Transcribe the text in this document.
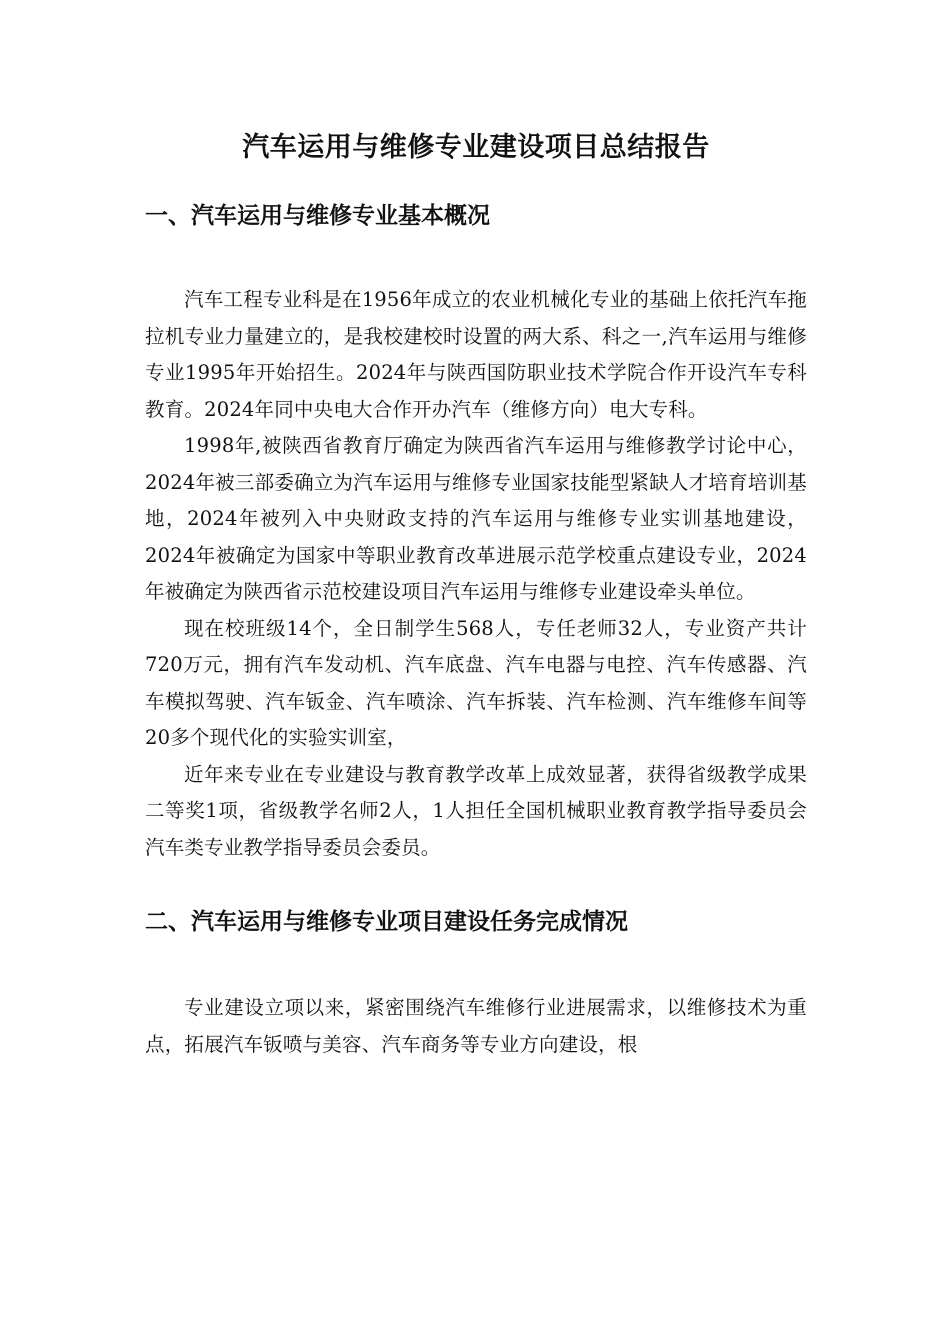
汽车运用与维修专业建设项目总结报告
一、汽车运用与维修专业基本概况

汽车工程专业科是在1956年成立的农业机械化专业的基础上依托汽车拖拉机专业力量建立的，是我校建校时设置的两大系、科之一,汽车运用与维修专业1995年开始招生。2024年与陕西国防职业技术学院合作开设汽车专科教育。2024年同中央电大合作开办汽车（维修方向）电大专科。

1998年,被陕西省教育厅确定为陕西省汽车运用与维修教学讨论中心，2024年被三部委确立为汽车运用与维修专业国家技能型紧缺人才培育培训基地，2024年被列入中央财政支持的汽车运用与维修专业实训基地建设，2024年被确定为国家中等职业教育改革进展示范学校重点建设专业，2024年被确定为陕西省示范校建设项目汽车运用与维修专业建设牵头单位。

现在校班级14个，全日制学生568人，专任老师32人，专业资产共计720万元，拥有汽车发动机、汽车底盘、汽车电器与电控、汽车传感器、汽车模拟驾驶、汽车钣金、汽车喷涂、汽车拆装、汽车检测、汽车维修车间等20多个现代化的实验实训室，

近年来专业在专业建设与教育教学改革上成效显著，获得省级教学成果二等奖1项，省级教学名师2人，1人担任全国机械职业教育教学指导委员会汽车类专业教学指导委员会委员。

二、汽车运用与维修专业项目建设任务完成情况

专业建设立项以来，紧密围绕汽车维修行业进展需求，以维修技术为重点，拓展汽车钣喷与美容、汽车商务等专业方向建设，根
